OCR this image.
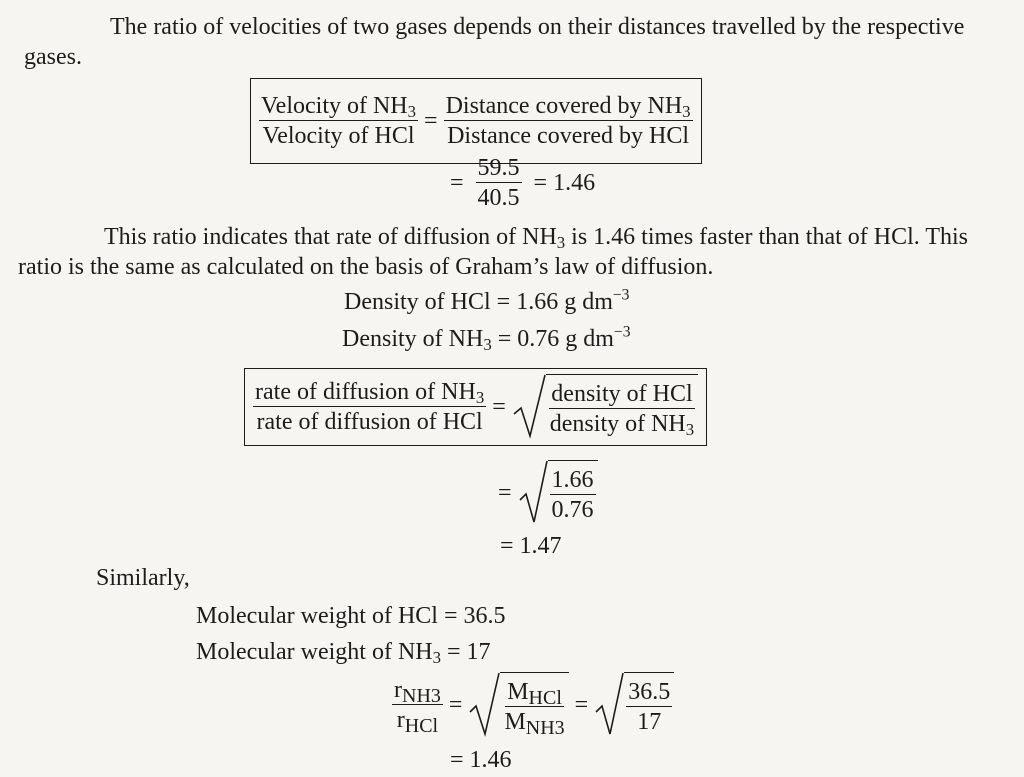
The ratio of velocities of two gases depends on their distances travelled by the respective gases.
$\frac{Velocity of NH_3}{\text{Velocity of HCl}} = \frac{Distance covered by NH_3}{\text{Distance covered by HCl}}$
= $\frac{59.5}{40.5} = 1.46$
This ratio indicates that rate of diffusion of $NH_3$ is 1.46 times faster than that of HCl. This ratio is the same as calculated on the basis of Graham’s law of diffusion.
Density of HCl = 1.66 g $dm^{-3}$
Density of $NH_3 = 0.76$ g $dm^{-3}$
$\frac{rate of diffusion of NH_3}{\text{rate of diffusion of HCl}} = \frac{\text{density of HCl}}{density of NH_3}$
= $\frac{1.66}{0.76}$
= 1.47
Similarly,
Molecular weight of HCl = 36.5
Molecular weight of $NH_3 = 17$
$\frac{r_{NH3}}{r_{HCl}} = \frac{M_{HCl}}{M_{NH3}} = \frac{36.5}{17}$
= 1.46
